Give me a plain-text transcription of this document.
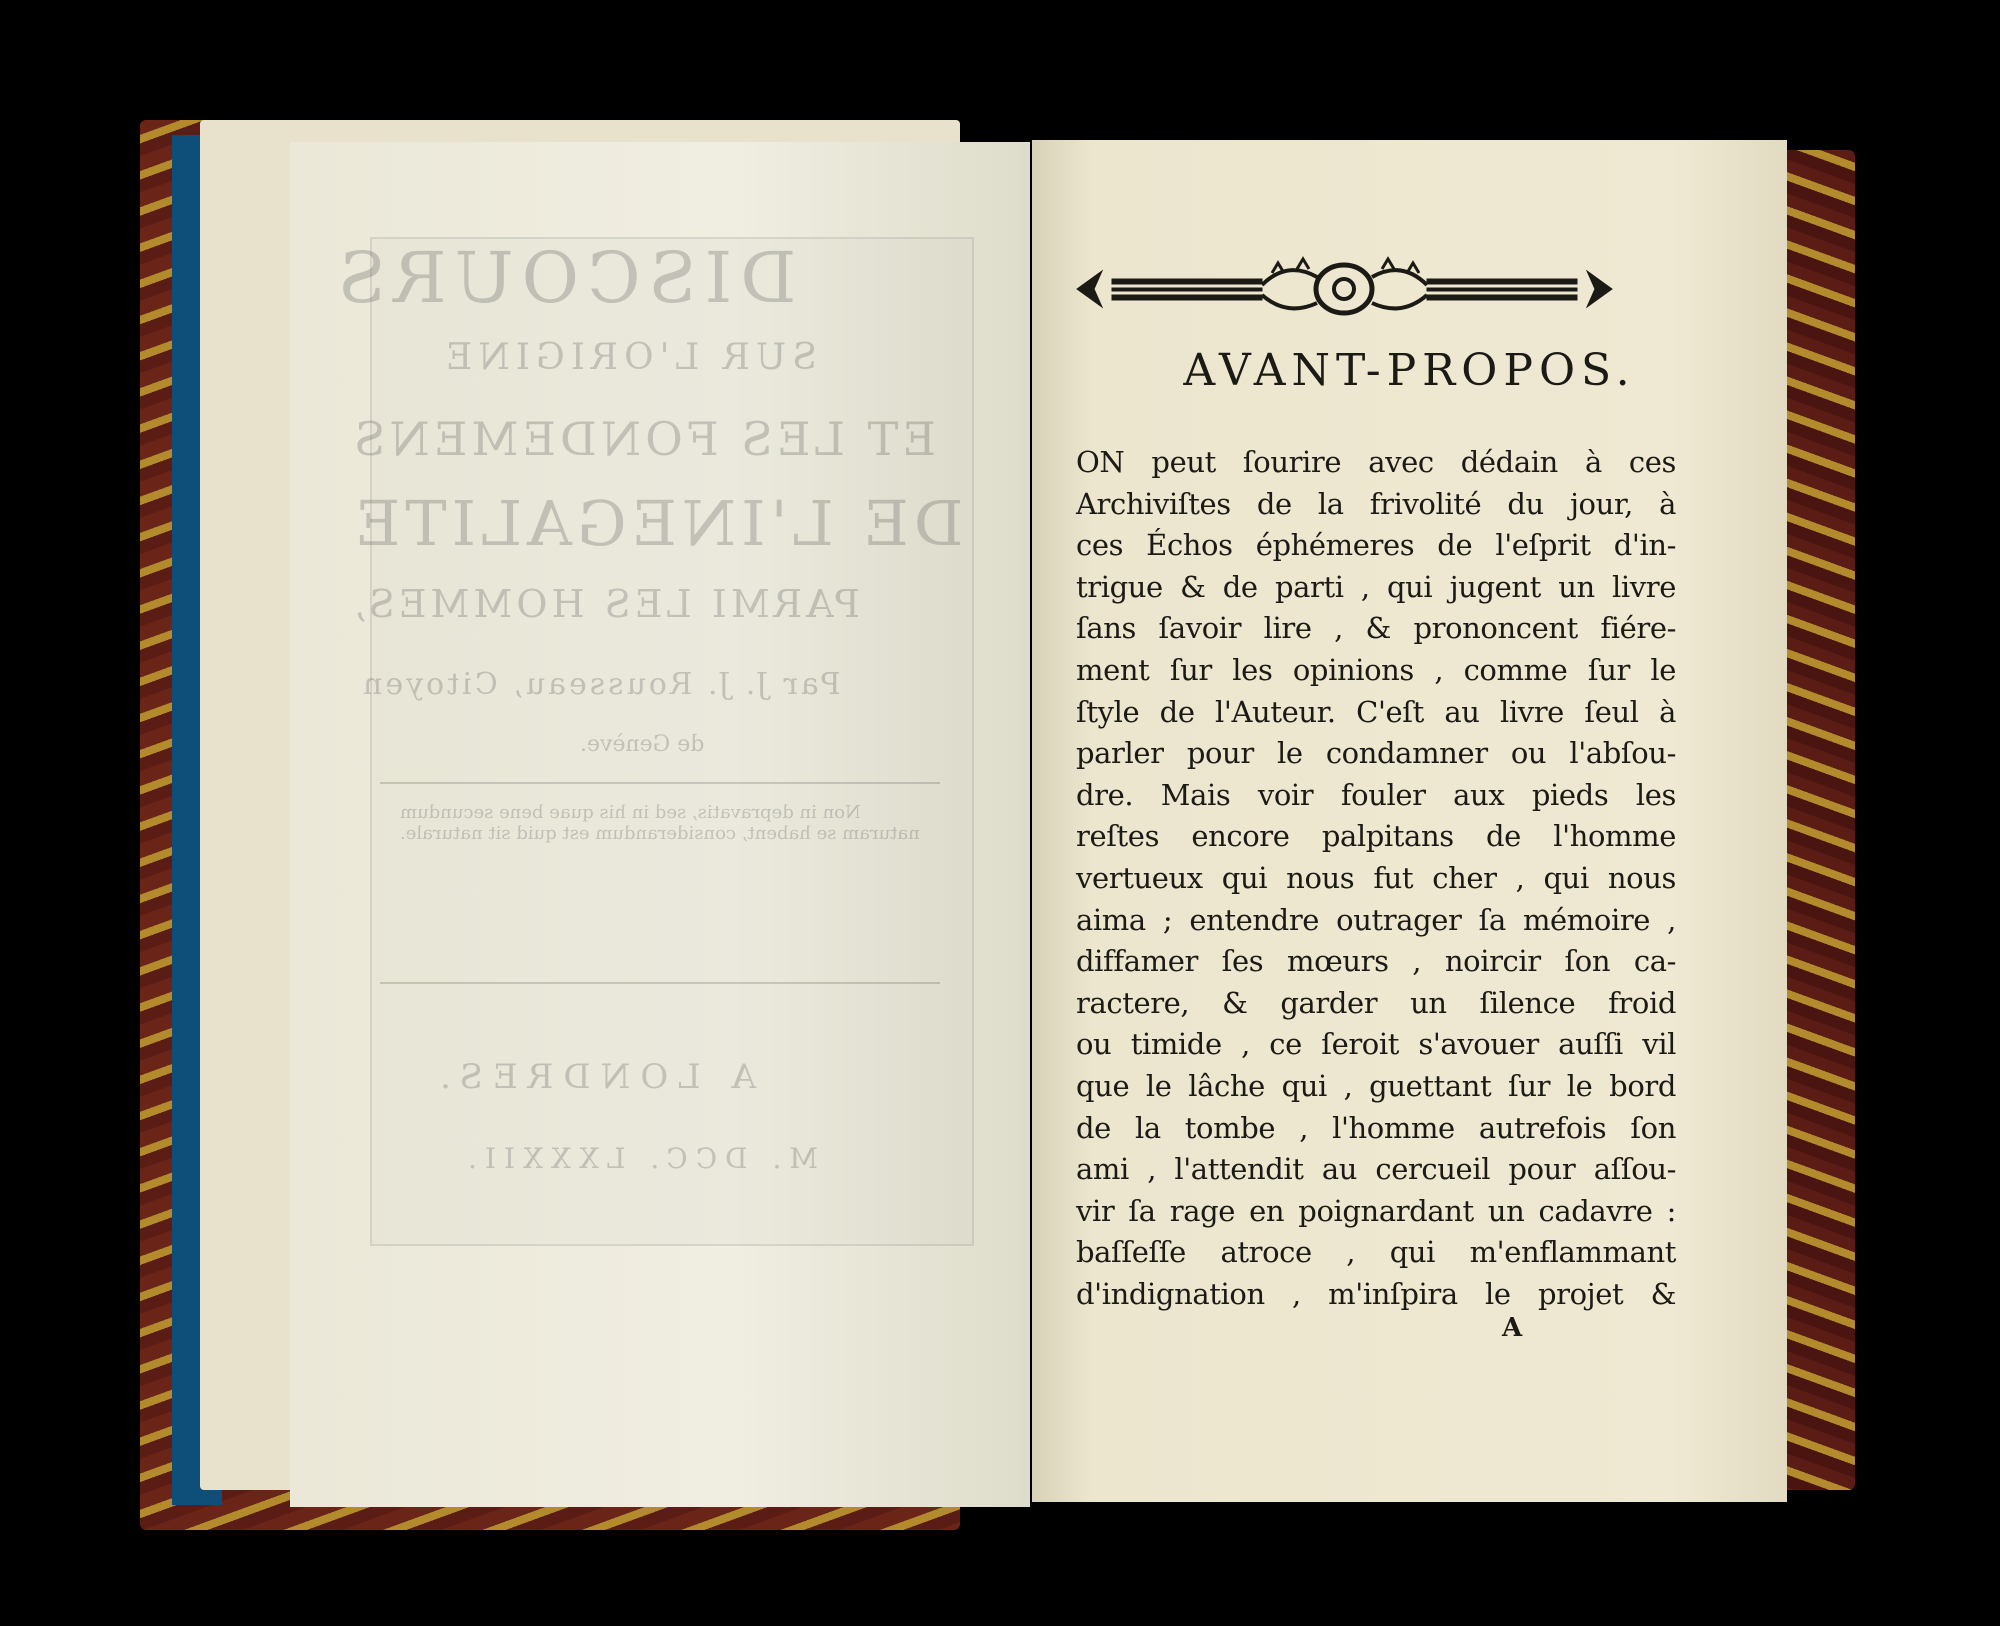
DISCOURS
SUR L'ORIGINE
ET LES FONDEMENS
DE L'INEGALITE
PARMI LES HOMMES,
Par J. J. Rousseau, Citoyen
de Genève.
Non in depravatis, sed in his quae bene secundum naturam se habent, considerandum est quid sit naturale.
A LONDRES.
M. DCC. LXXXII.
AVANT-PROPOS.
ON peut ſourire avec dédain à ces
Archiviſtes de la frivolité du jour, à
ces Échos éphémeres de l'eſprit d'in-
trigue & de parti , qui jugent un livre
ſans ſavoir lire , & prononcent fiére-
ment ſur les opinions , comme ſur le
ſtyle de l'Auteur. C'eſt au livre ſeul à
parler pour le condamner ou l'abſou-
dre. Mais voir fouler aux pieds les
reſtes encore palpitans de l'homme
vertueux qui nous fut cher , qui nous
aima ; entendre outrager ſa mémoire ,
diffamer ſes mœurs , noircir ſon ca-
ractere, & garder un ſilence froid
ou timide , ce ſeroit s'avouer auſſi vil
que le lâche qui , guettant ſur le bord
de la tombe , l'homme autrefois ſon
ami , l'attendit au cercueil pour aſſou-
vir ſa rage en poignardant un cadavre :
baſſeſſe atroce , qui m'enflammant
d'indignation , m'inſpira le projet &
A
